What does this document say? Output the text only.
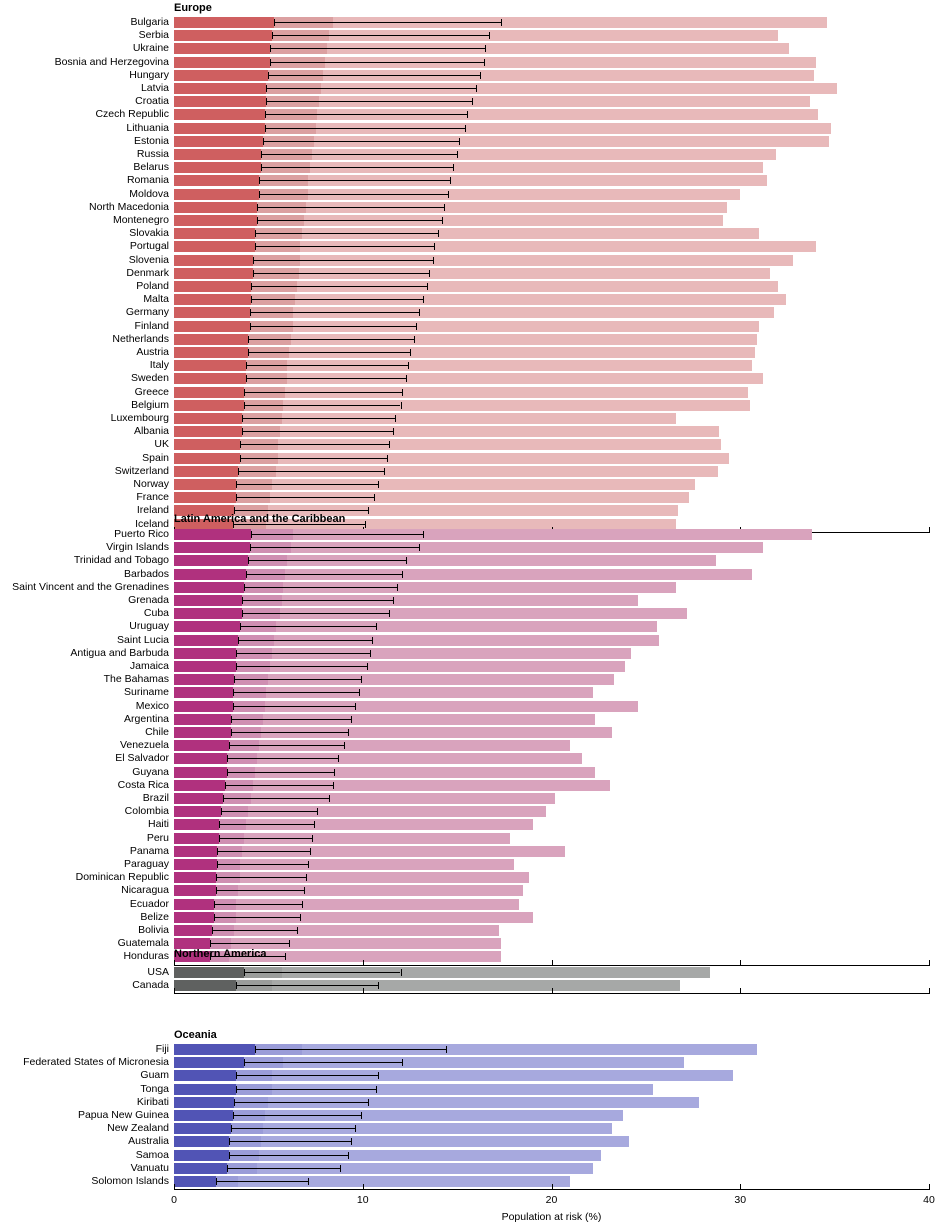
Europe
Bulgaria
Serbia
Ukraine
Bosnia and Herzegovina
Hungary
Latvia
Croatia
Czech Republic
Lithuania
Estonia
Russia
Belarus
Romania
Moldova
North Macedonia
Montenegro
Slovakia
Portugal
Slovenia
Denmark
Poland
Malta
Germany
Finland
Netherlands
Austria
Italy
Sweden
Greece
Belgium
Luxembourg
Albania
UK
Spain
Switzerland
Norway
France
Ireland
Iceland Latin America and the Caribbean
Puerto Rico
Virgin Islands
Trinidad and Tobago
Barbados
Saint Vincent and the Grenadines
Grenada
Cuba
Uruguay
Saint Lucia
Antigua and Barbuda
Jamaica
The Bahamas
Suriname
Mexico
Argentina
Chile
Venezuela
El Salvador
Guyana
Costa Rica
Brazil
Colombia
Haiti
Peru
Panama
Paraguay
Dominican Republic
Nicaragua
Ecuador
Belize
Bolivia
Guatemala
Honduras Northern America
USA
Canada
Oceania
Fiji
Federated States of Micronesia
Guam
Tonga
Kiribati
Papua New Guinea
New Zealand
Australia
Samoa
Vanuatu
Solomon Islands
0	10	20	30	40
Population at risk (%)
